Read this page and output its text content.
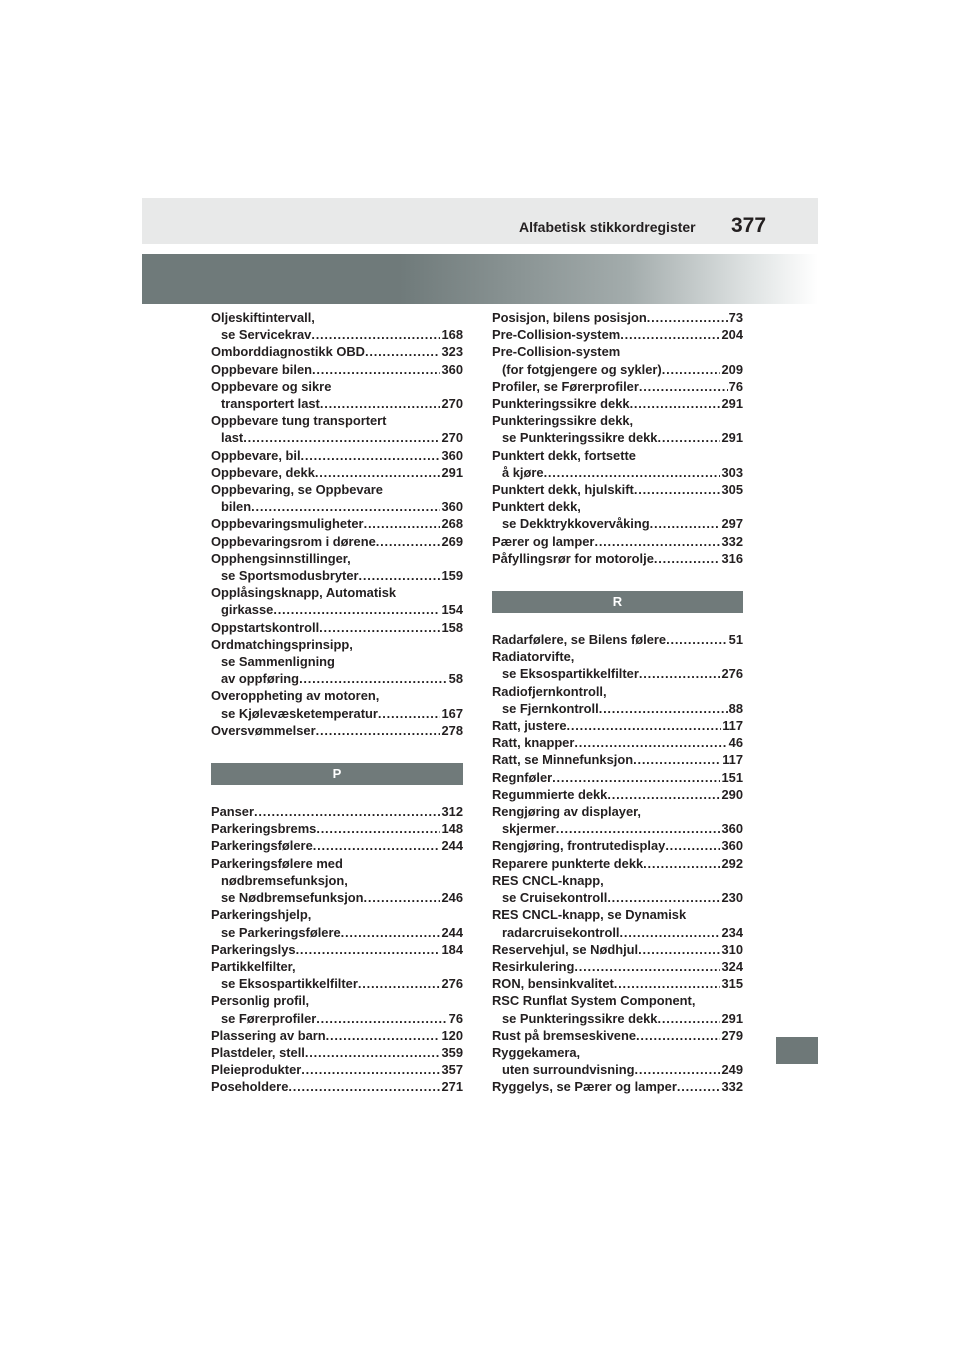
Alfabetisk stikkordregister 377
Oljeskiftintervall,
se Servicekrav . . .	168
Omborddiagnostikk OBD . . .	323
Oppbevare bilen . . .	360
Oppbevare og sikre
transportert last . . .	270
Oppbevare tung transportert
last . . .	270
Oppbevare, bil . . .	360
Oppbevare, dekk . . .	291
Oppbevaring, se Oppbevare
bilen . . .	360
Oppbevaringsmuligheter . . .	268
Oppbevaringsrom i dørene . . .	269
Opphengsinnstillinger,
se Sportsmodusbryter . . .	159
Opplåsingsknapp, Automatisk
girkasse . . .	154
Oppstartskontroll . . .	158
Ordmatchingsprinsipp,
se Sammenligning
av oppføring . . .	58
Overoppheting av motoren,
se Kjølevæsketemperatur . . .	167
Oversvømmelser . . .	278
P
Panser . . .	312
Parkeringsbrems . . .	148
Parkeringsfølere . . .	244
Parkeringsfølere med
nødbremsefunksjon,
se Nødbremsefunksjon . . .	246
Parkeringshjelp,
se Parkeringsfølere . . .	244
Parkeringslys . . .	184
Partikkelfilter,
se Eksospartikkelfilter . . .	276
Personlig profil,
se Førerprofiler . . .	76
Plassering av barn . . .	120
Plastdeler, stell . . .	359
Pleieprodukter . . .	357
Poseholdere . . .	271
Posisjon, bilens posisjon . . .	73
Pre-Collision-system . . .	204
Pre-Collision-system
(for fotgjengere og sykler) . . .	209
Profiler, se Førerprofiler . . .	76
Punkteringssikre dekk . . .	291
Punkteringssikre dekk,
se Punkteringssikre dekk . . .	291
Punktert dekk, fortsette
å kjøre . . .	303
Punktert dekk, hjulskift . . .	305
Punktert dekk,
se Dekktrykkovervåking . . .	297
Pærer og lamper . . .	332
Påfyllingsrør for motorolje . . .	316
R
Radarfølere, se Bilens følere . . .	51
Radiatorvifte,
se Eksospartikkelfilter . . .	276
Radiofjernkontroll,
se Fjernkontroll . . .	88
Ratt, justere . . .	117
Ratt, knapper . . .	46
Ratt, se Minnefunksjon . . .	117
Regnføler . . .	151
Regummierte dekk . . .	290
Rengjøring av displayer,
skjermer . . .	360
Rengjøring, frontrutedisplay . . .	360
Reparere punkterte dekk . . .	292
RES CNCL-knapp,
se Cruisekontroll . . .	230
RES CNCL-knapp, se Dynamisk
radarcruisekontroll . . .	234
Reservehjul, se Nødhjul . . .	310
Resirkulering . . .	324
RON, bensinkvalitet . . .	315
RSC Runflat System Component,
se Punkteringssikre dekk . . .	291
Rust på bremseskivene . . .	279
Ryggekamera,
uten surroundvisning . . .	249
Ryggelys, se Pærer og lamper . . .	332
